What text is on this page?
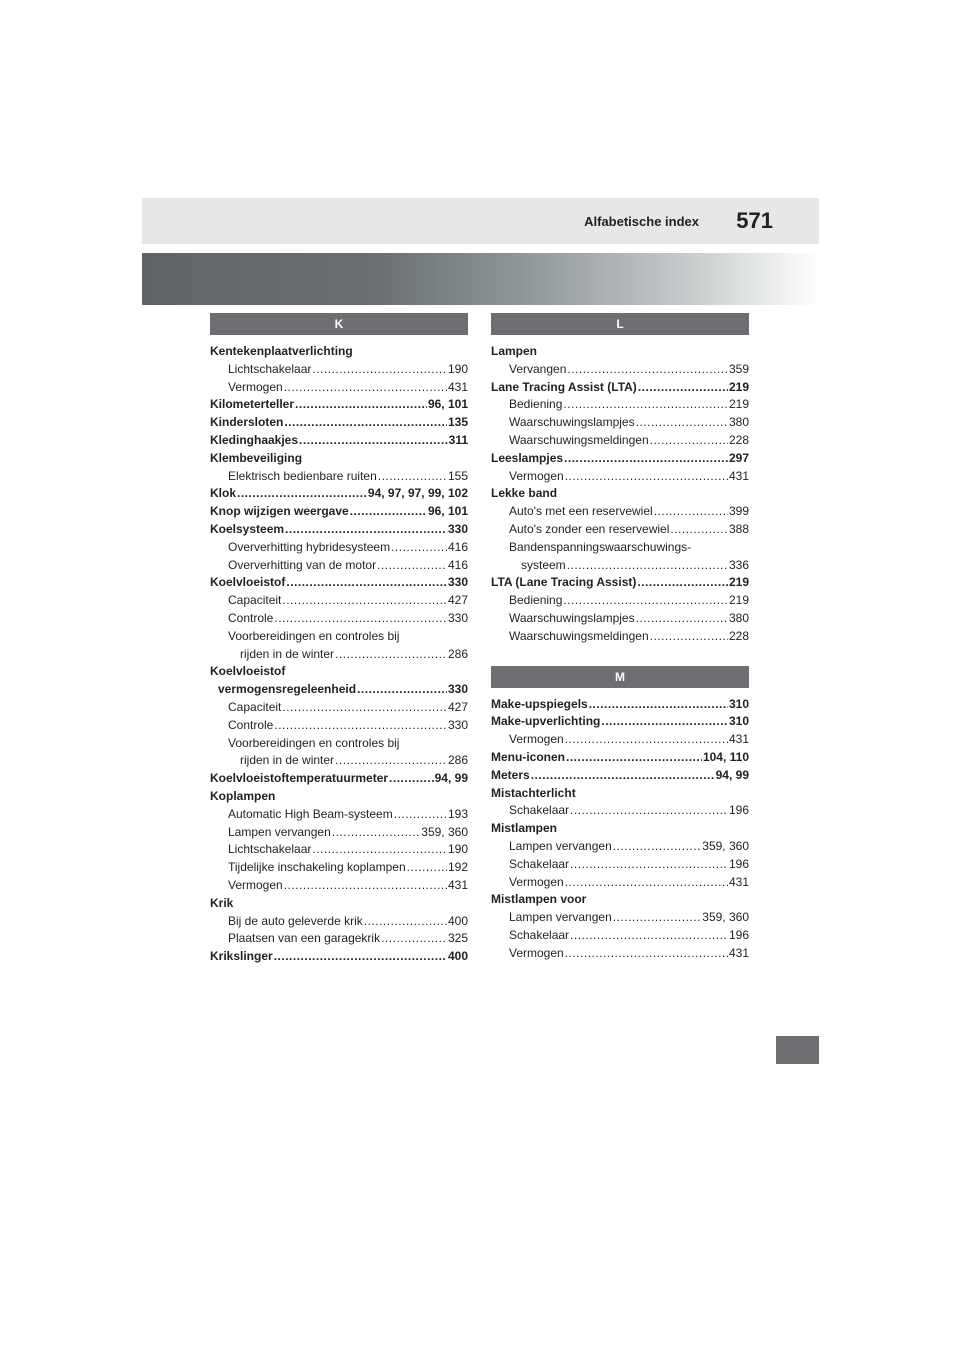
Alfabetische index 571
K
Kentekenplaatverlichting
Lichtschakelaar .....	190
Vermogen .....	431
Kilometerteller .....	96, 101
Kindersloten .....	135
Kledinghaakjes .....	311
Klembeveiliging
Elektrisch bedienbare ruiten .....	155
Klok .....	94, 97, 97, 99, 102
Knop wijzigen weergave .....	96, 101
Koelsysteem .....	330
Oververhitting hybridesysteem .....	416
Oververhitting van de motor .....	416
Koelvloeistof .....	330
Capaciteit .....	427
Controle .....	330
Voorbereidingen en controles bij
rijden in de winter .....	286
Koelvloeistof
vermogensregeleenheid .....	330
Capaciteit .....	427
Controle .....	330
Voorbereidingen en controles bij
rijden in de winter .....	286
Koelvloeistoftemperatuurmeter .....	94, 99
Koplampen
Automatic High Beam-systeem .....	193
Lampen vervangen .....	359, 360
Lichtschakelaar .....	190
Tijdelijke inschakeling koplampen .....	192
Vermogen .....	431
Krik
Bij de auto geleverde krik .....	400
Plaatsen van een garagekrik .....	325
Krikslinger .....	400
L
Lampen
Vervangen .....	359
Lane Tracing Assist (LTA) .....	219
Bediening .....	219
Waarschuwingslampjes .....	380
Waarschuwingsmeldingen .....	228
Leeslampjes .....	297
Vermogen .....	431
Lekke band
Auto's met een reservewiel .....	399
Auto's zonder een reservewiel .....	388
Bandenspanningswaarschuwings-
systeem .....	336
LTA (Lane Tracing Assist) .....	219
Bediening .....	219
Waarschuwingslampjes .....	380
Waarschuwingsmeldingen .....	228
M
Make-upspiegels .....	310
Make-upverlichting .....	310
Vermogen .....	431
Menu-iconen .....	104, 110
Meters .....	94, 99
Mistachterlicht
Schakelaar .....	196
Mistlampen
Lampen vervangen .....	359, 360
Schakelaar .....	196
Vermogen .....	431
Mistlampen voor
Lampen vervangen .....	359, 360
Schakelaar .....	196
Vermogen .....	431
